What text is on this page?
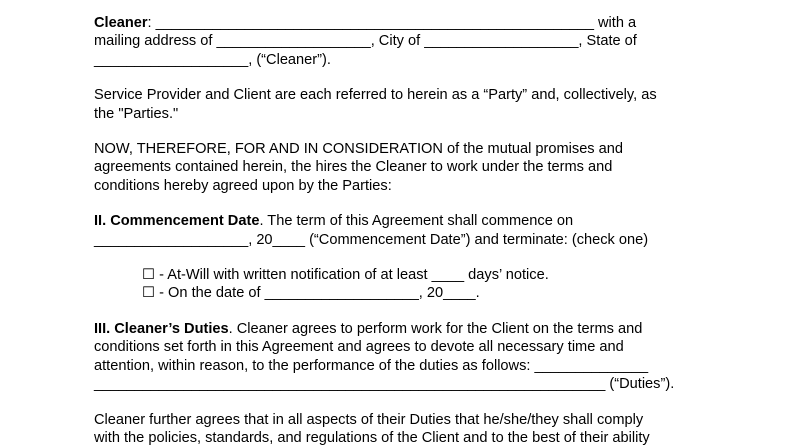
Cleaner: ______________________________________________________ with a

mailing address of ___________________, City of ___________________, State of

___________________, (“Cleaner”).

Service Provider and Client are each referred to herein as a “Party” and, collectively, as

the "Parties."

NOW, THEREFORE, FOR AND IN CONSIDERATION of the mutual promises and

agreements contained herein, the hires the Cleaner to work under the terms and

conditions hereby agreed upon by the Parties:

II. Commencement Date. The term of this Agreement shall commence on

___________________, 20____ (“Commencement Date”) and terminate: (check one)

☐ - At-Will with written notification of at least ____ days’ notice.

☐ - On the date of ___________________, 20____.

III. Cleaner’s Duties. Cleaner agrees to perform work for the Client on the terms and

conditions set forth in this Agreement and agrees to devote all necessary time and

attention, within reason, to the performance of the duties as follows: ______________

_______________________________________________________________ (“Duties”).

Cleaner further agrees that in all aspects of their Duties that he/she/they shall comply

with the policies, standards, and regulations of the Client and to the best of their ability
